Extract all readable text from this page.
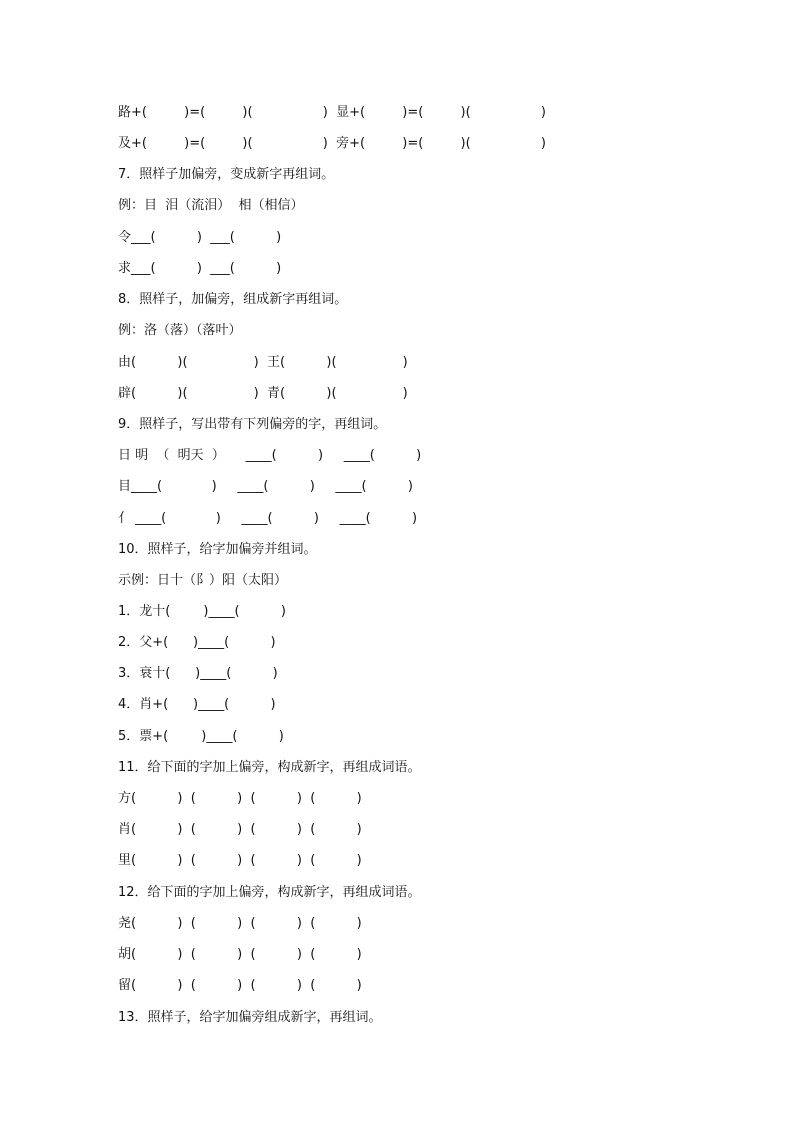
路+(         )=(         )(                 )  显+(         )=(         )(                 )
及+(         )=(         )(                 )  旁+(         )=(         )(                 )
7．照样子加偏旁，变成新字再组词。
例：目  泪（流泪）  相（相信）
令___(          )  ___(          )
求___(          )  ___(          )
8．照样子，加偏旁，组成新字再组词。
例：洛（落）（落叶）
由(          )(                )  王(          )(                )
辟(          )(                )  青(          )(                )
9．照样子，写出带有下列偏旁的字，再组词。
日 明  （  明天  ）     ____(          )     ____(          )
目____(            )     ____(          )     ____(          )
亻 ____(            )     ____(          )     ____(          )
10．照样子，给字加偏旁并组词。
示例：日十（阝）阳（太阳）
1．龙十(        )____(          )
2．父+(      )____(          )
3．衰十(      )____(          )
4．肖+(      )____(          )
5．票+(        )____(          )
11．给下面的字加上偏旁，构成新字，再组成词语。
方(          )  (          )  (          )  (          )
肖(          )  (          )  (          )  (          )
里(          )  (          )  (          )  (          )
12．给下面的字加上偏旁，构成新字，再组成词语。
尧(          )  (          )  (          )  (          )
胡(          )  (          )  (          )  (          )
留(          )  (          )  (          )  (          )
13．照样子，给字加偏旁组成新字，再组词。
